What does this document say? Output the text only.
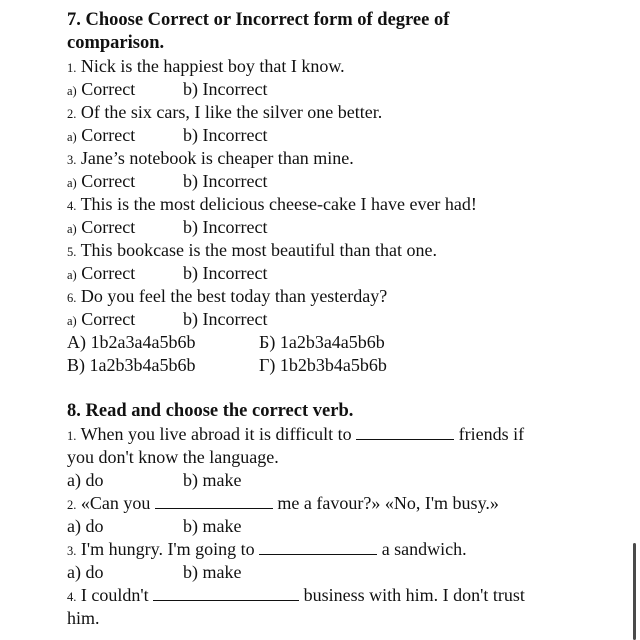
7. Choose Correct or Incorrect form of degree of

comparison.

1. Nick is the happiest boy that I know.
a) Correct	b) Incorrect
2. Of the six cars, I like the silver one better.
a) Correct	b) Incorrect
3. Jane’s notebook is cheaper than mine.
a) Correct	b) Incorrect
4. This is the most delicious cheese-cake I have ever had!
a) Correct	b) Incorrect
5. This bookcase is the most beautiful than that one.
a) Correct	b) Incorrect
6. Do you feel the best today than yesterday?
a) Correct	b) Incorrect
А) 1b2a3a4a5b6b	Б) 1a2b3a4a5b6b
В) 1a2b3b4a5b6b	Г) 1b2b3b4a5b6b

8. Read and choose the correct verb.

1. When you live abroad it is difficult to	friends if
you don't know the language.
a) do	b) make
2. «Can you	me a favour?» «No, I'm busy.»
a) do	b) make
3. I'm hungry. I'm going to	a sandwich.
a) do	b) make
4. I couldn't	business with him. I don't trust
him.
